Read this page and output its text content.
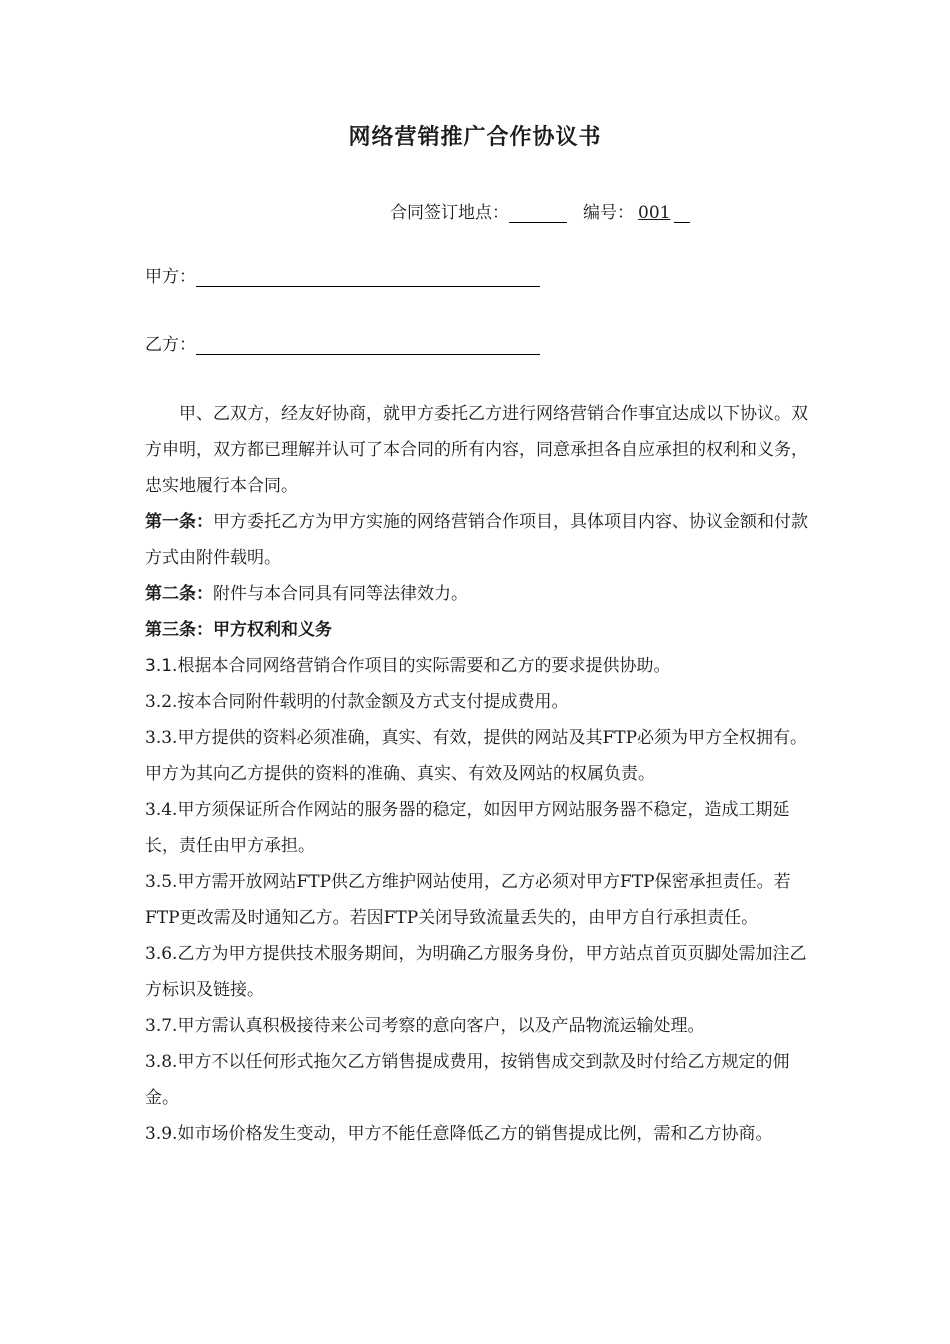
网络营销推广合作协议书
合同签订地点：	编号： 001
甲方：
乙方：

甲、乙双方，经友好协商，就甲方委托乙方进行网络营销合作事宜达成以下协议。双方申明，双方都已理解并认可了本合同的所有内容，同意承担各自应承担的权利和义务，忠实地履行本合同。

第一条：甲方委托乙方为甲方实施的网络营销合作项目，具体项目内容、协议金额和付款方式由附件载明。

第二条：附件与本合同具有同等法律效力。

第三条：甲方权利和义务

3.1.根据本合同网络营销合作项目的实际需要和乙方的要求提供协助。

3.2.按本合同附件载明的付款金额及方式支付提成费用。

3.3.甲方提供的资料必须准确，真实、有效，提供的网站及其FTP必须为甲方全权拥有。甲方为其向乙方提供的资料的准确、真实、有效及网站的权属负责。

3.4.甲方须保证所合作网站的服务器的稳定，如因甲方网站服务器不稳定，造成工期延长，责任由甲方承担。

3.5.甲方需开放网站FTP供乙方维护网站使用，乙方必须对甲方FTP保密承担责任。若FTP更改需及时通知乙方。若因FTP关闭导致流量丢失的，由甲方自行承担责任。

3.6.乙方为甲方提供技术服务期间，为明确乙方服务身份，甲方站点首页页脚处需加注乙方标识及链接。

3.7.甲方需认真积极接待来公司考察的意向客户，以及产品物流运输处理。

3.8.甲方不以任何形式拖欠乙方销售提成费用，按销售成交到款及时付给乙方规定的佣金。

3.9.如市场价格发生变动，甲方不能任意降低乙方的销售提成比例，需和乙方协商。
